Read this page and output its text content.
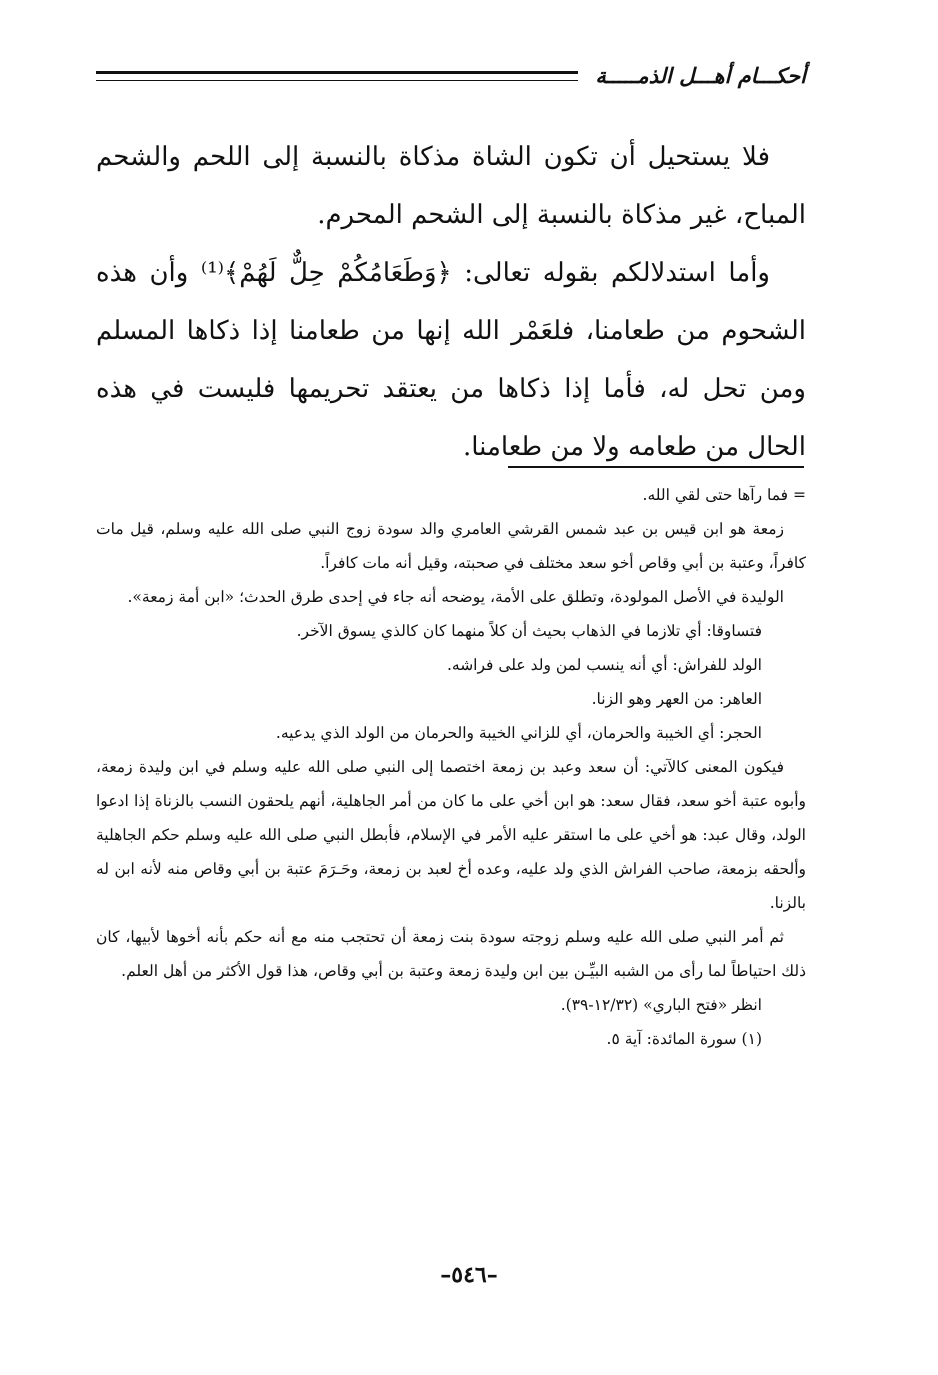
أحكـــام أهـــل الذمـــــة

فلا يستحيل أن تكون الشاة مذكاة بالنسبة إلى اللحم والشحم المباح، غير مذكاة بالنسبة إلى الشحم المحرم.

وأما استدلالكم بقوله تعالى: ﴿وَطَعَامُكُمْ حِلٌّ لَهُمْ﴾⁽¹⁾ وأن هذه الشحوم من طعامنا، فلعَمْر الله إنها من طعامنا إذا ذكاها المسلم ومن تحل له، فأما إذا ذكاها من يعتقد تحريمها فليست في هذه الحال من طعامه ولا من طعامنا.

= فما رآها حتى لقي الله.

زمعة هو ابن قيس بن عبد شمس القرشي العامري والد سودة زوج النبي صلى الله عليه وسلم، قيل مات كافراً، وعتبة بن أبي وقاص أخو سعد مختلف في صحبته، وقيل أنه مات كافراً.

الوليدة في الأصل المولودة، وتطلق على الأمة، يوضحه أنه جاء في إحدى طرق الحدث؛ «ابن أمة زمعة».

فتساوقا: أي تلازما في الذهاب بحيث أن كلاً منهما كان كالذي يسوق الآخر.

الولد للفراش: أي أنه ينسب لمن ولد على فراشه.

العاهر: من العهر وهو الزنا.

الحجر: أي الخيبة والحرمان، أي للزاني الخيبة والحرمان من الولد الذي يدعيه.

فيكون المعنى كالآتي: أن سعد وعبد بن زمعة اختصما إلى النبي صلى الله عليه وسلم في ابن وليدة زمعة، وأبوه عتبة أخو سعد، فقال سعد: هو ابن أخي على ما كان من أمر الجاهلية، أنهم يلحقون النسب بالزناة إذا ادعوا الولد، وقال عبد: هو أخي على ما استقر عليه الأمر في الإسلام، فأبطل النبي صلى الله عليه وسلم حكم الجاهلية وألحقه بزمعة، صاحب الفراش الذي ولد عليه، وعده أخ لعبد بن زمعة، وحَـرَمَ عتبة بن أبي وقاص منه لأنه ابن له بالزنا.

ثم أمر النبي صلى الله عليه وسلم زوجته سودة بنت زمعة أن تحتجب منه مع أنه حكم بأنه أخوها لأبيها، كان ذلك احتياطاً لما رأى من الشبه البيِّـن بين ابن وليدة زمعة وعتبة بن أبي وقاص، هذا قول الأكثر من أهل العلم.

انظر «فتح الباري» (١٢/٣٢-٣٩).

(١) سورة المائدة: آية ٥.

–٥٤٦–
